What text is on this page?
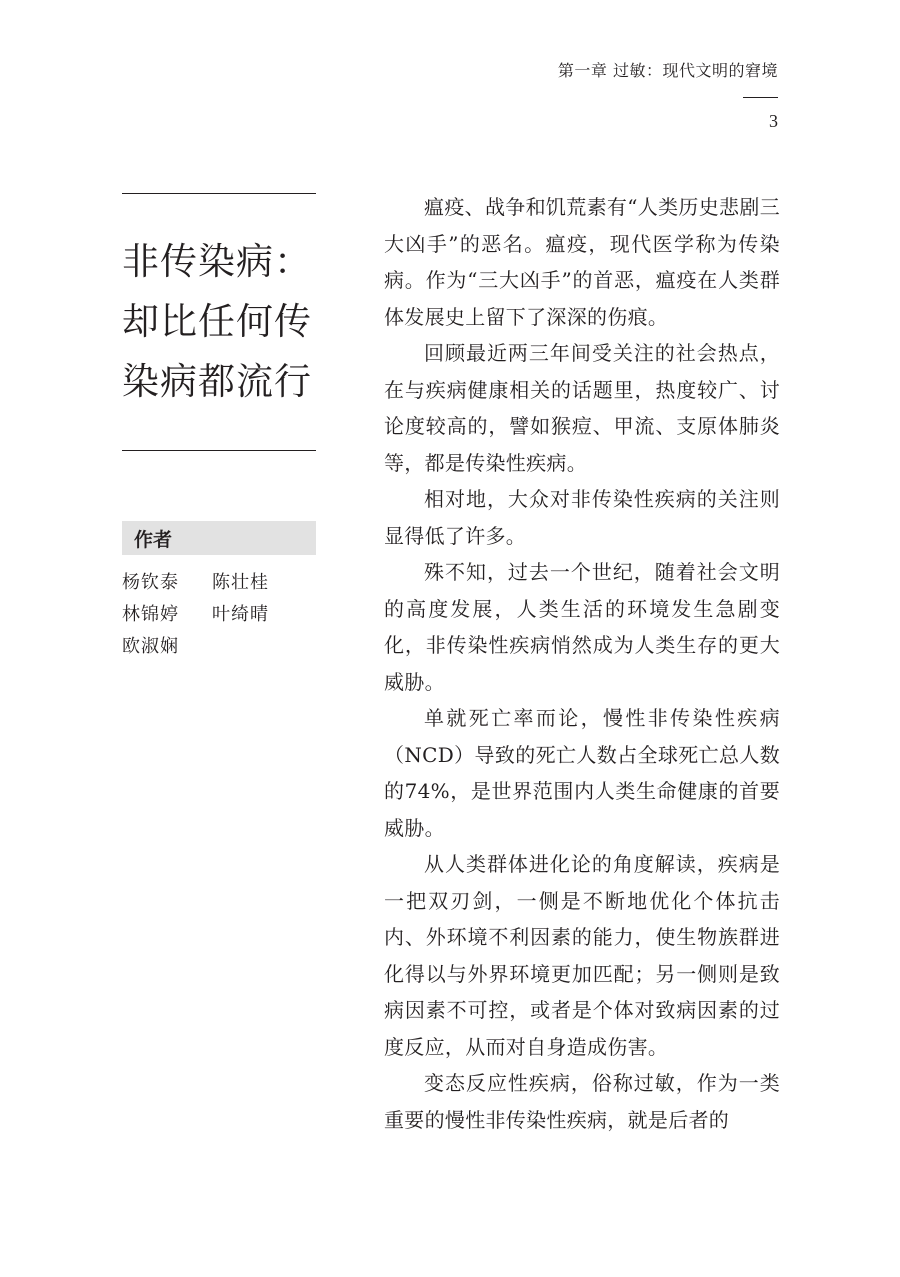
第一章 过敏：现代文明的窘境
3
非传染病：
却比任何传
染病都流行
作者
杨钦泰	陈壮桂
林锦婷	叶绮晴
欧淑娴

瘟疫、战争和饥荒素有“人类历史悲剧三大凶手”的恶名。瘟疫，现代医学称为传染病。作为“三大凶手”的首恶，瘟疫在人类群体发展史上留下了深深的伤痕。

回顾最近两三年间受关注的社会热点，在与疾病健康相关的话题里，热度较广、讨论度较高的，譬如猴痘、甲流、支原体肺炎等，都是传染性疾病。

相对地，大众对非传染性疾病的关注则显得低了许多。

殊不知，过去一个世纪，随着社会文明的高度发展，人类生活的环境发生急剧变化，非传染性疾病悄然成为人类生存的更大威胁。

单就死亡率而论，慢性非传染性疾病（NCD）导致的死亡人数占全球死亡总人数的74%，是世界范围内人类生命健康的首要威胁。

从人类群体进化论的角度解读，疾病是一把双刃剑，一侧是不断地优化个体抗击内、外环境不利因素的能力，使生物族群进化得以与外界环境更加匹配；另一侧则是致病因素不可控，或者是个体对致病因素的过度反应，从而对自身造成伤害。

变态反应性疾病，俗称过敏，作为一类重要的慢性非传染性疾病，就是后者的
